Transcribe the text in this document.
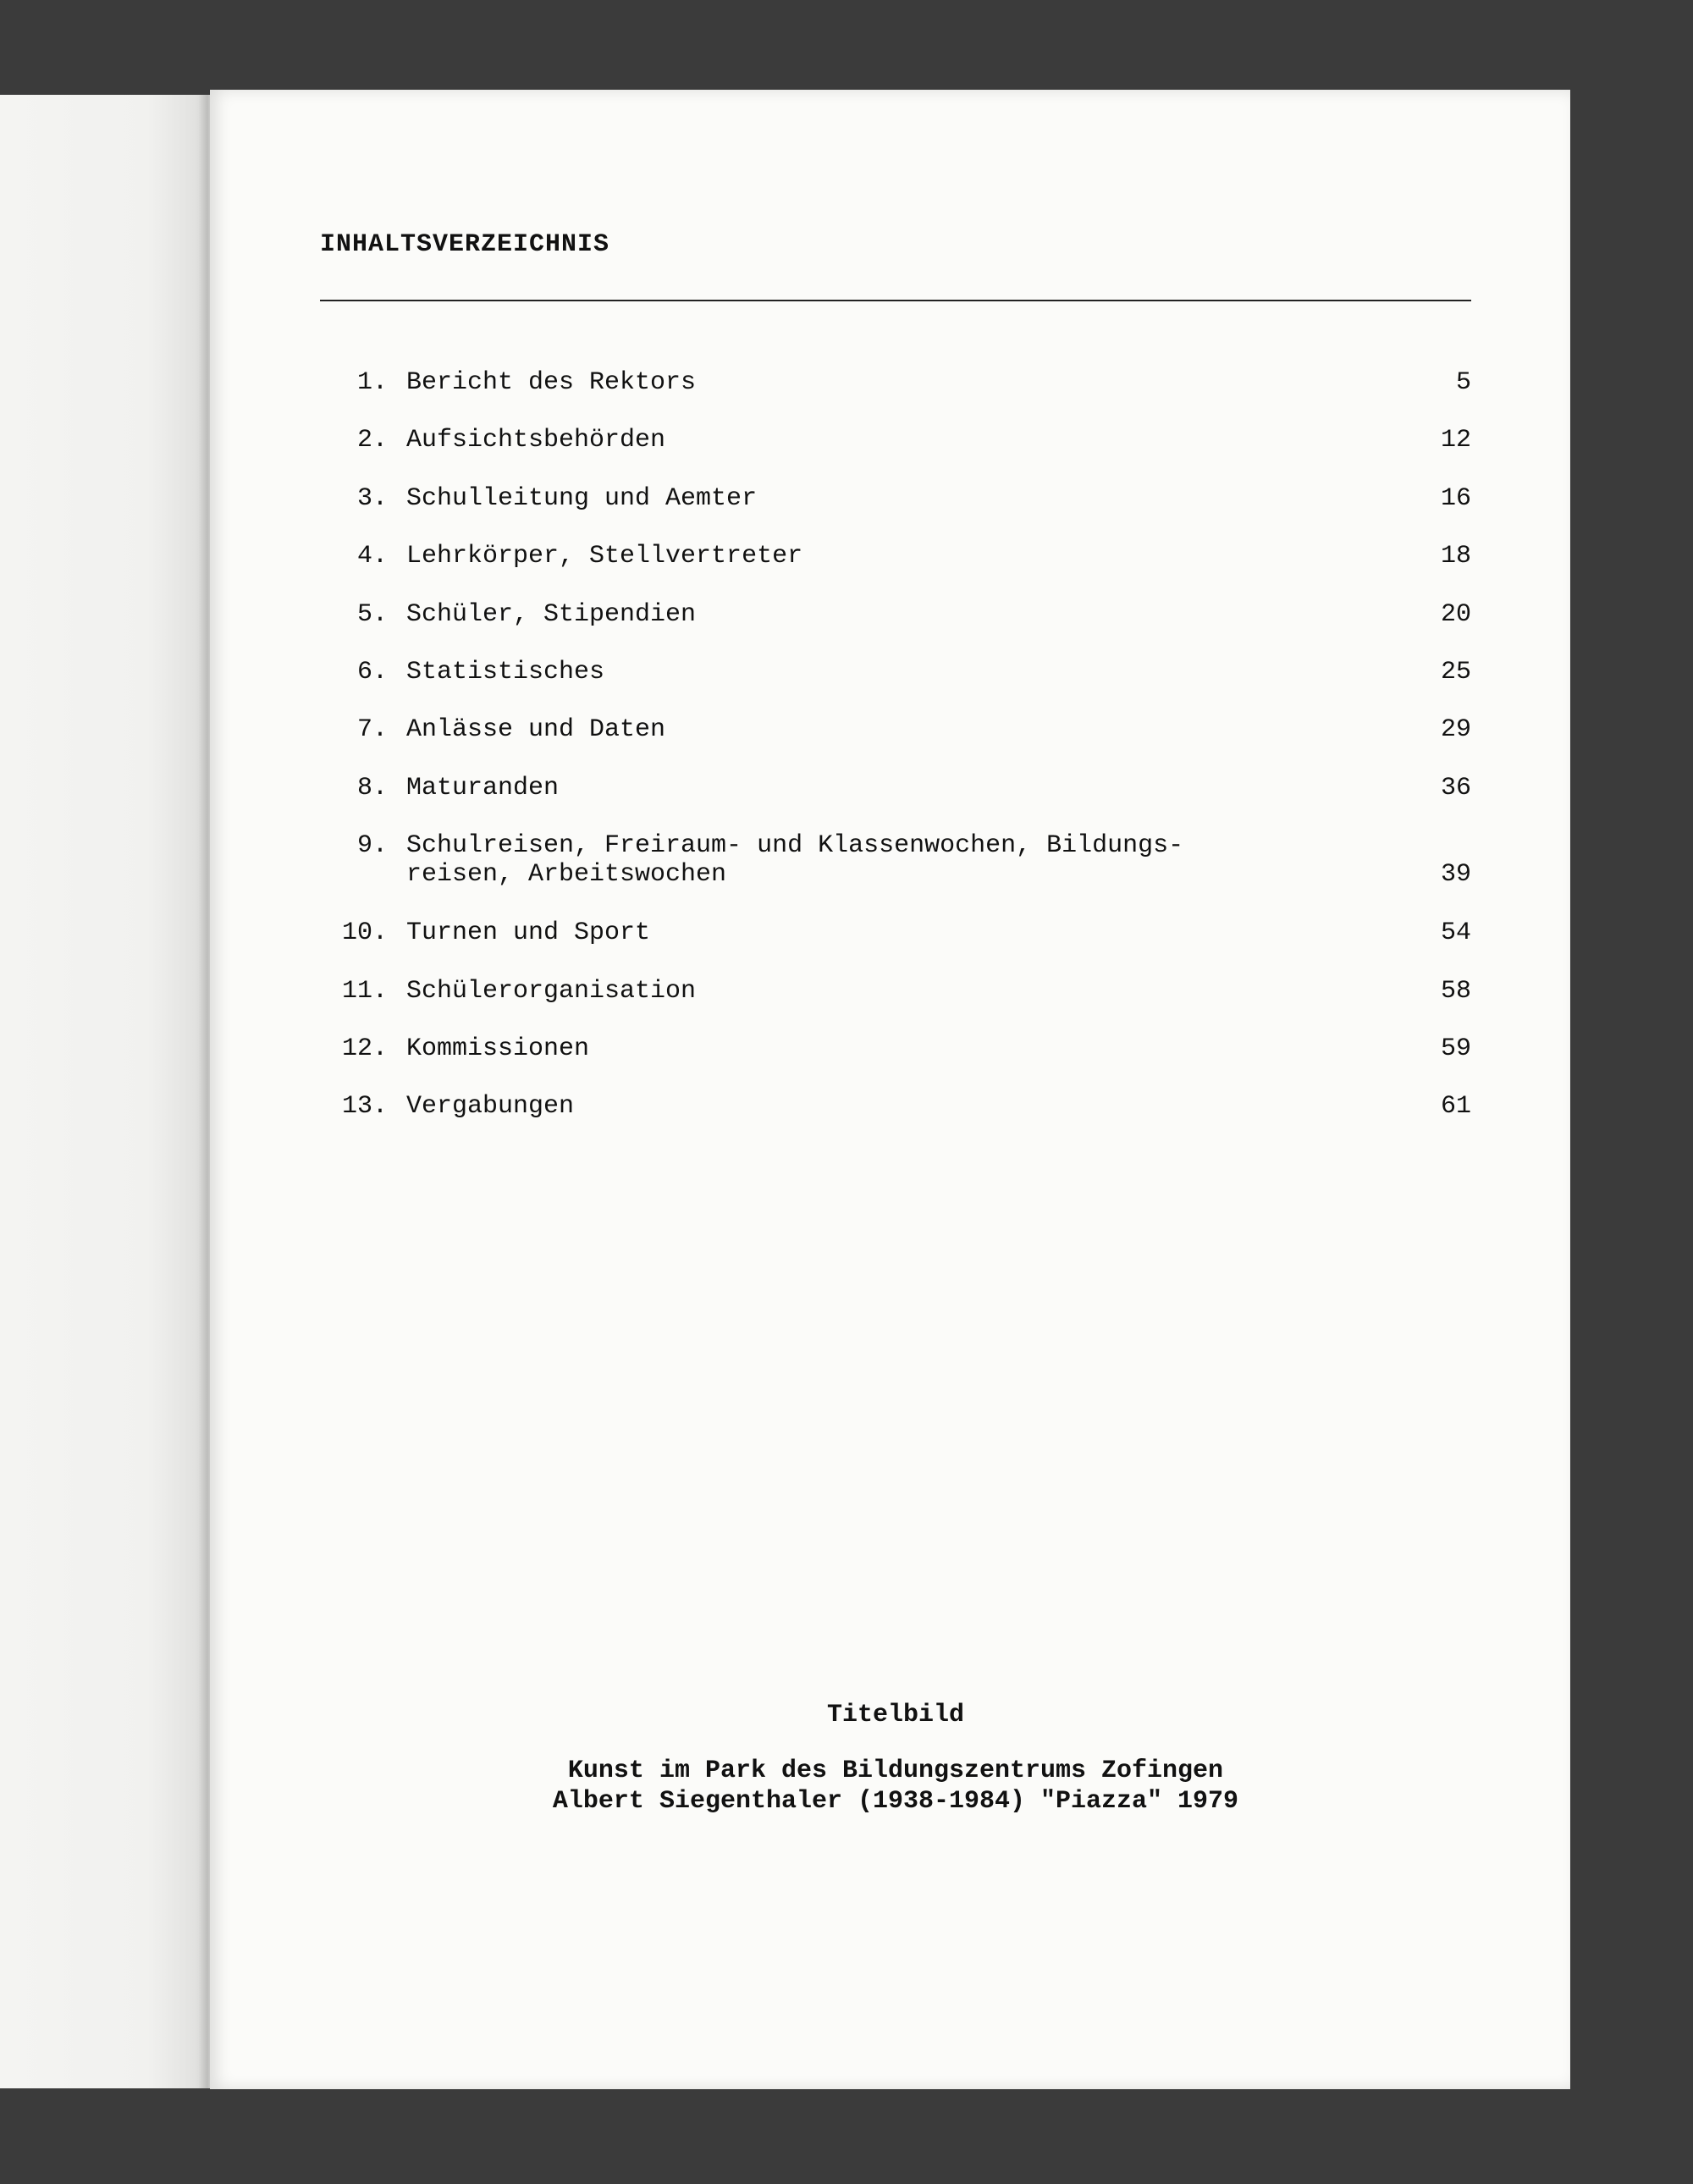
INHALTSVERZEICHNIS
1. Bericht des Rektors	5
2. Aufsichtsbehörden	12
3. Schulleitung und Aemter	16
4. Lehrkörper, Stellvertreter	18
5. Schüler, Stipendien	20
6. Statistisches	25
7. Anlässe und Daten	29
8. Maturanden	36
9. Schulreisen, Freiraum- und Klassenwochen, Bildungs-
reisen, Arbeitswochen	39
10. Turnen und Sport	54
11. Schülerorganisation	58
12. Kommissionen	59
13. Vergabungen	61
Titelbild
Kunst im Park des Bildungszentrums Zofingen
Albert Siegenthaler (1938-1984) "Piazza" 1979
